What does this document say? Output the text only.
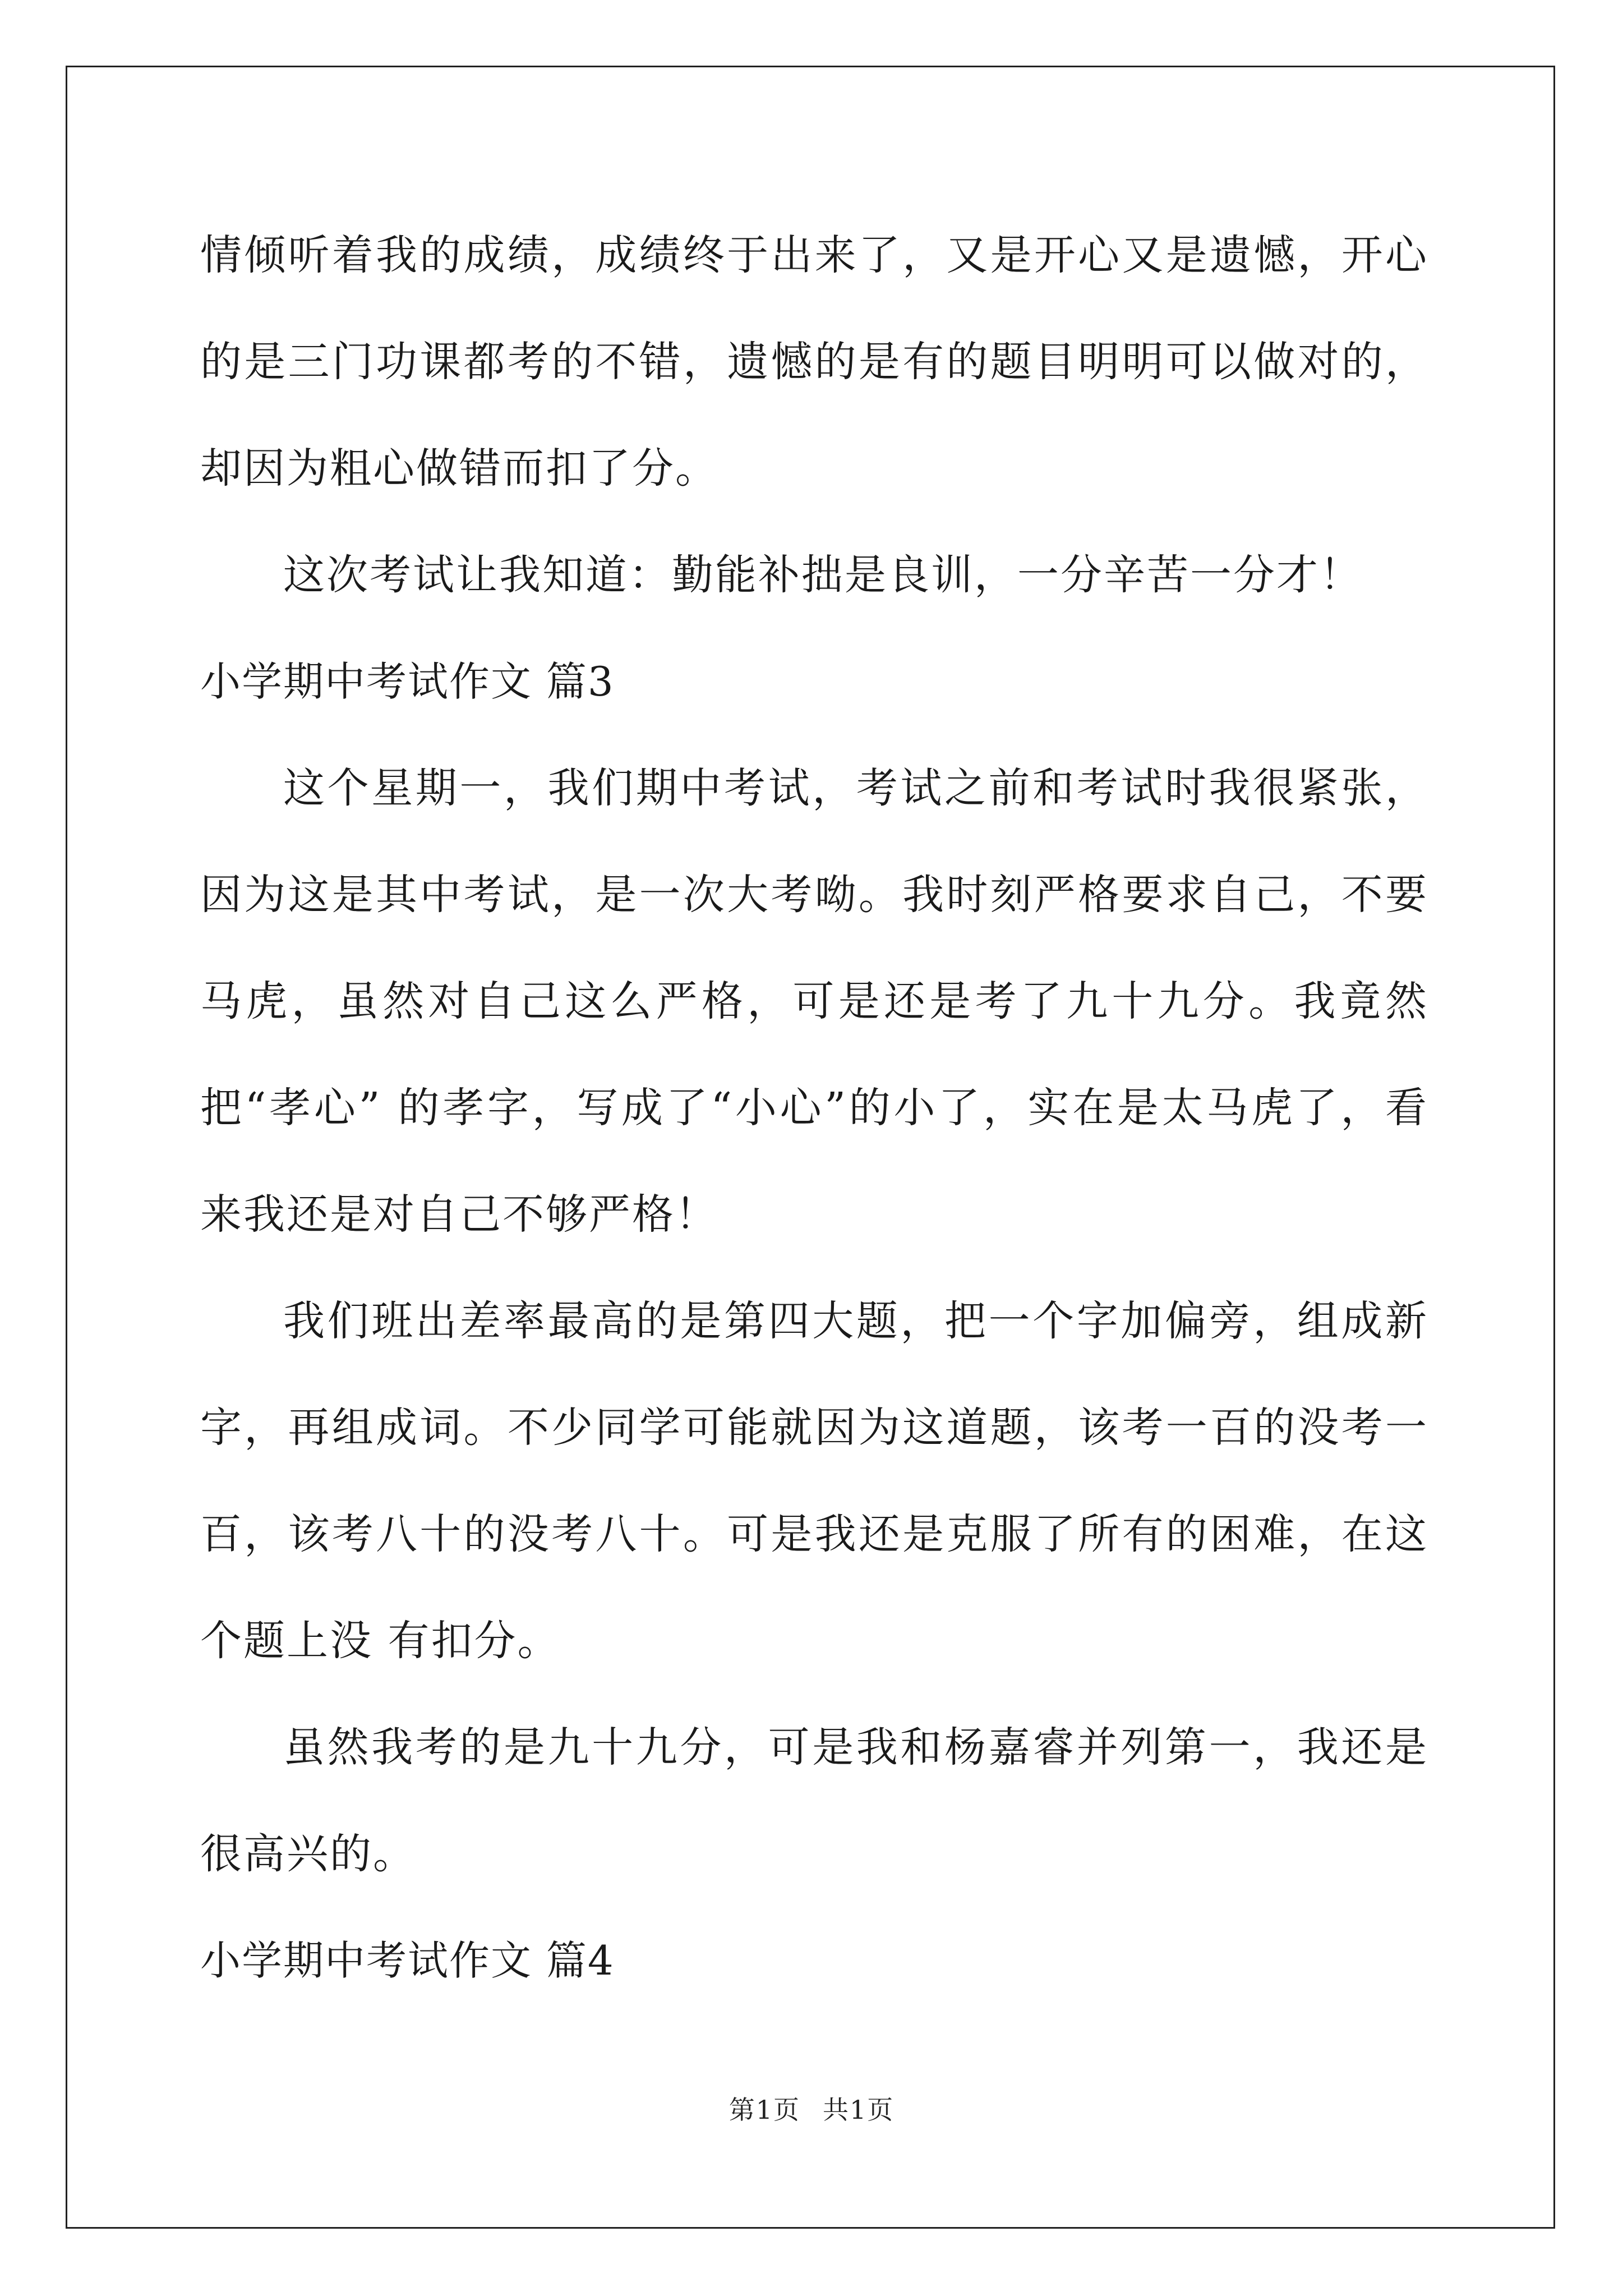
情倾听着我的成绩，成绩终于出来了，又是开心又是遗憾，开心的是三门功课都考的不错，遗憾的是有的题目明明可以做对的，却因为粗心做错而扣了分。

这次考试让我知道：勤能补拙是良训，一分辛苦一分才！

小学期中考试作文 篇3

这个星期一，我们期中考试，考试之前和考试时我很紧张，因为这是其中考试，是一次大考呦。我时刻严格要求自己，不要马虎，虽然对自己这么严格，可是还是考了九十九分。我竟然把“孝心” 的孝字，写成了“小心”的小了，实在是太马虎了，看来我还是对自己不够严格！

我们班出差率最高的是第四大题，把一个字加偏旁，组成新字，再组成词。不少同学可能就因为这道题，该考一百的没考一百，该考八十的没考八十。可是我还是克服了所有的困难，在这个题上没 有扣分。

虽然我考的是九十九分，可是我和杨嘉睿并列第一，我还是很高兴的。

小学期中考试作文 篇4

第1页 共1页
